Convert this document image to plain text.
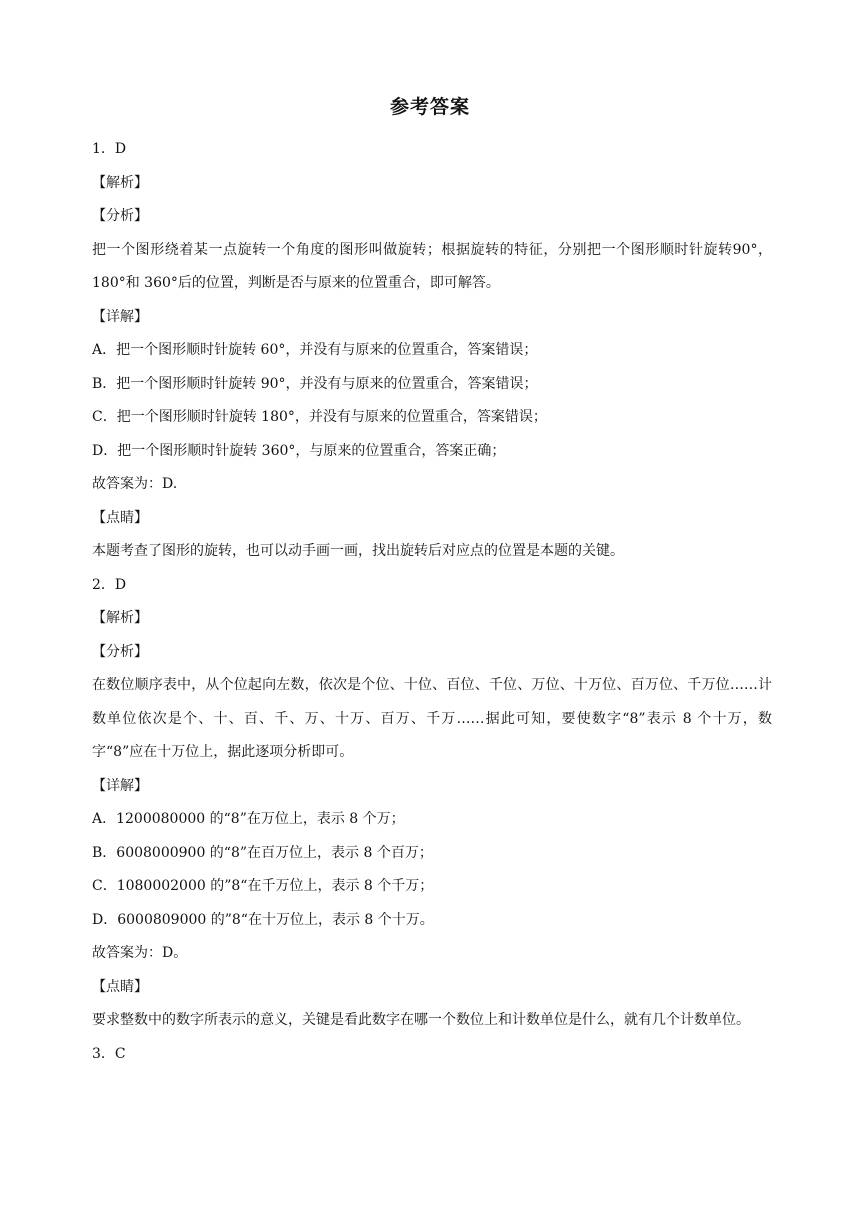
参考答案
1．D
【解析】
【分析】
把一个图形绕着某一点旋转一个角度的图形叫做旋转；根据旋转的特征，分别把一个图形顺时针旋转90°，180°和 360°后的位置，判断是否与原来的位置重合，即可解答。
【详解】
A．把一个图形顺时针旋转 60°，并没有与原来的位置重合，答案错误；
B．把一个图形顺时针旋转 90°，并没有与原来的位置重合，答案错误；
C．把一个图形顺时针旋转 180°，并没有与原来的位置重合，答案错误；
D．把一个图形顺时针旋转 360°，与原来的位置重合，答案正确；
故答案为：D.
【点睛】
本题考查了图形的旋转，也可以动手画一画，找出旋转后对应点的位置是本题的关键。
2．D
【解析】
【分析】
在数位顺序表中，从个位起向左数，依次是个位、十位、百位、千位、万位、十万位、百万位、千万位……计数单位依次是个、十、百、千、万、十万、百万、千万……据此可知，要使数字“8”表示 8 个十万，数字“8”应在十万位上，据此逐项分析即可。
【详解】
A．1200080000 的“8”在万位上，表示 8 个万；
B．6008000900 的“8”在百万位上，表示 8 个百万；
C．1080002000 的”8“在千万位上，表示 8 个千万；
D．6000809000 的”8“在十万位上，表示 8 个十万。
故答案为：D。
【点睛】
要求整数中的数字所表示的意义，关键是看此数字在哪一个数位上和计数单位是什么，就有几个计数单位。
3．C
